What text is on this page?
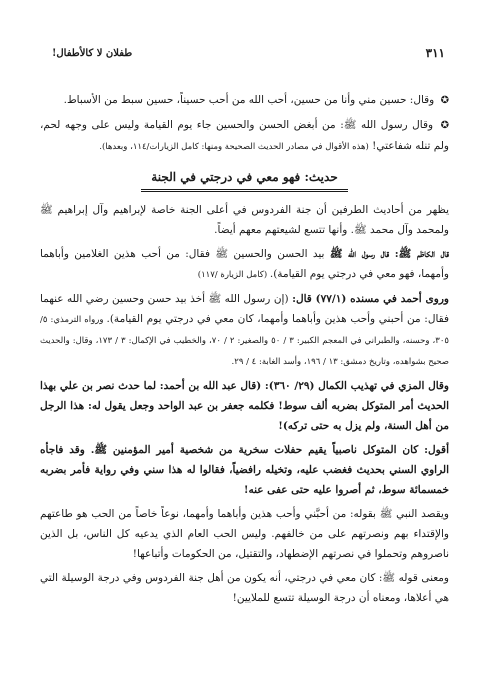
٣١١
طفلان لا كالأطفال!

✪ وقال: حسين مني وأنا من حسين، أحب الله من أحب حسيناً، حسين سبط من الأسباط.

✪ وقال رسول الله ﷺ: من أبغض الحسن والحسين جاء يوم القيامة وليس على وجهه لحم، ولم تنله شفاعتي! (هذه الأقوال في مصادر الحديث الصحيحة ومنها: كامل الزيارات/١١٤، وبعدها).

حديث: فهو معي في درجتي في الجنة

يظهر من أحاديث الطرفين أن جنة الفردوس في أعلى الجنة خاصة لإبراهيم وآل إبراهيم ﷺ ولمحمد وآل محمد ﷺ. وأنها تتسع لشيعتهم معهم أيضاً.

قال الكاظم ﷺ: قال رسول الله ﷺ بيد الحسن والحسين ﷺ فقال: من أحب هذين الغلامين وأباهما وأمهما، فهو معي في درجتي يوم القيامة). (كامل الزيارة /١١٧)

وروى أحمد في مسنده (٧٧/١) قال: (إن رسول الله ﷺ أخذ بيد حسن وحسين رضي الله عنهما فقال: من أحبني وأحب هذين وأباهما وأمهما، كان معي في درجتي يوم القيامة). ورواه الترمذي: ٥/ ٣٠٥، وحسنه، والطبراني في المعجم الكبير: ٣ / ٥٠ والصغير: ٢ / ٧٠، والخطيب في الإكمال: ٣ / ١٧٣، وقال: والحديث صحيح بشواهده، وتاريخ دمشق: ١٣ / ١٩٦، وأسد الغابة: ٤ / ٢٩.

وقال المزي في تهذيب الكمال (٢٩/ ٣٦٠): (قال عبد الله بن أحمد: لما حدث نصر بن علي بهذا الحديث أمر المتوكل بضربه ألف سوط! فكلمه جعفر بن عبد الواحد وجعل يقول له: هذا الرجل من أهل السنة، ولم يزل به حتى تركه)!

أقول: كان المتوكل ناصبياً يقيم حفلات سخرية من شخصية أمير المؤمنين ﷺ. وقد فاجأه الراوي السني بحديث فغضب عليه، وتخيله رافضياً، فقالوا له هذا سني وفي رواية فأمر بضربه خمسمائة سوط، ثم أصروا عليه حتى عفى عنه!

ويقصد النبي ﷺ بقوله: من أحبَّني وأحب هذين وأباهما وأمهما، نوعاً خاصاً من الحب هو طاعتهم والإقتداء بهم ونصرتهم على من خالفهم. وليس الحب العام الذي يدعيه كل الناس، بل الذين ناصروهم وتحملوا في نصرتهم الإضطهاد، والتقتيل، من الحكومات وأتباعها!

ومعنى قوله ﷺ: كان معي في درجتي، أنه يكون من أهل جنة الفردوس وفي درجة الوسيلة التي هي أعلاها، ومعناه أن درجة الوسيلة تتسع للملايين!
